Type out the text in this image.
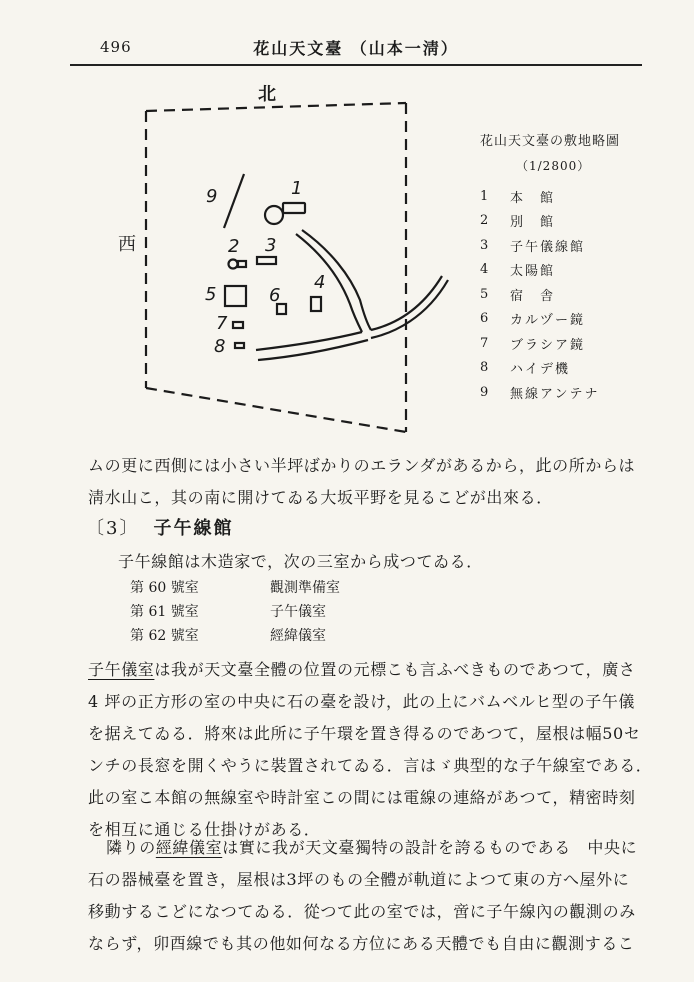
496	花山天文臺 （山本一淸）
北
西
1
2 3
4
5	6
7
8
9
花山天文臺の敷地略圖
（1/2800）
1	本　館
2	別　館
3	子午儀線館
4	太陽館
5	宿　舎
6	カルヅー鏡
7	ブラシア鏡
8	ハイデ機
9	無線アンテナ
ムの更に西側には小さい半坪ばかりのエランダがあるから，此の所からは
淸水山こ，其の南に開けてゐる大坂平野を見るこどが出來る．
〔3〕 子午線館
子午線館は木造家で，次の三室から成つてゐる．
第 60 號室	觀測準備室
第 61 號室	子午儀室
第 62 號室	經緯儀室
子午儀室は我が天文臺全體の位置の元標こも言ふべきものであつて，廣さ
4 坪の正方形の室の中央に石の臺を設け，此の上にバムベルヒ型の子午儀
を据えてゐる．將來は此所に子午環を置き得るのであつて，屋根は幅50セ
ンチの長窓を開くやうに裝置されてゐる．言はゞ典型的な子午線室である．
此の室こ本館の無線室や時計室この間には電線の連絡があつて，精密時刻
を相互に通じる仕掛けがある．
隣りの經緯儀室は實に我が天文臺獨特の設計を誇るものである　中央に
石の器械臺を置き，屋根は3坪のもの全體が軌道によつて東の方へ屋外に
移動するこどになつてゐる．從つて此の室では，啻に子午線內の觀測のみ
ならず，卯酉線でも其の他如何なる方位にある天體でも自由に觀測するこ
